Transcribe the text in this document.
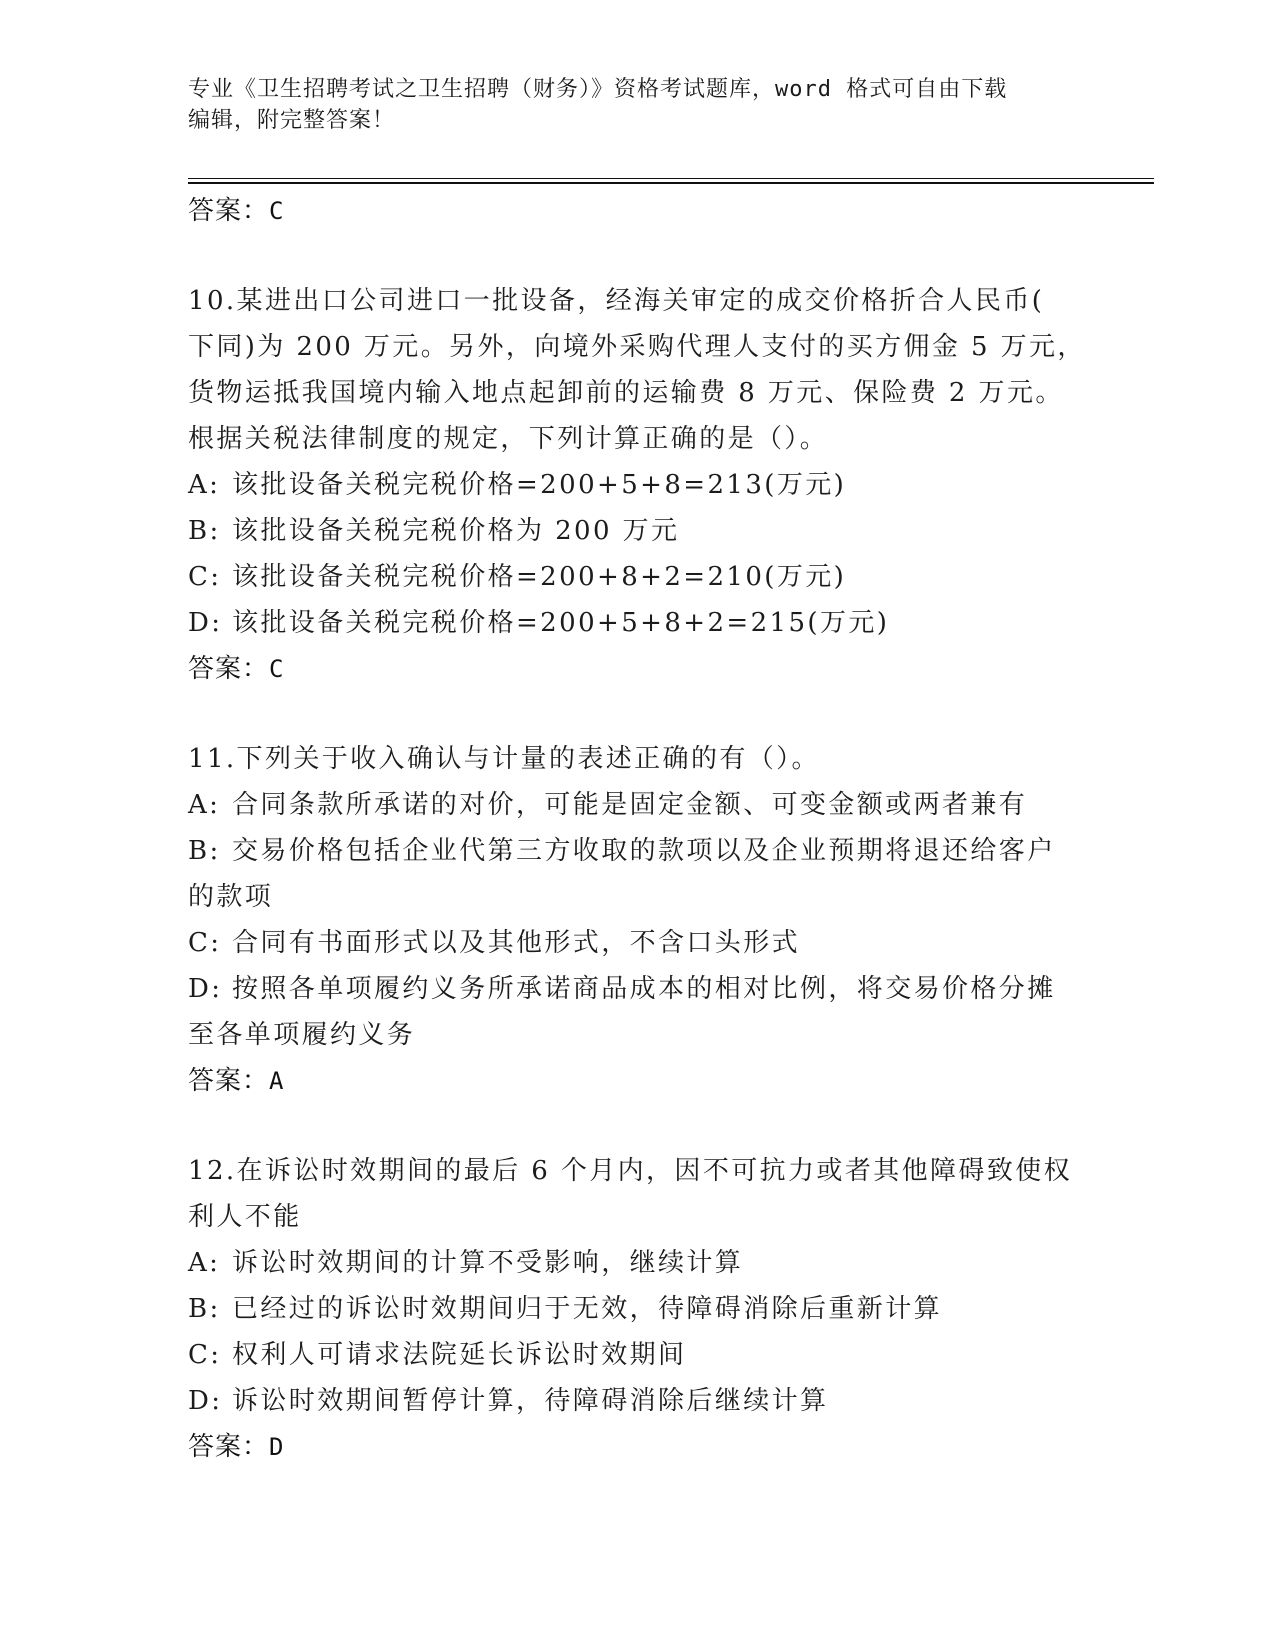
专业《卫生招聘考试之卫生招聘（财务）》资格考试题库，word 格式可自由下载
编辑，附完整答案！
答案：C
10.某进出口公司进口一批设备，经海关审定的成交价格折合人民币(
下同)为 200 万元。另外，向境外采购代理人支付的买方佣金 5 万元，
货物运抵我国境内输入地点起卸前的运输费 8 万元、保险费 2 万元。
根据关税法律制度的规定，下列计算正确的是（）。
A: 该批设备关税完税价格=200+5+8=213(万元)
B: 该批设备关税完税价格为 200 万元
C: 该批设备关税完税价格=200+8+2=210(万元)
D: 该批设备关税完税价格=200+5+8+2=215(万元)
答案：C
11.下列关于收入确认与计量的表述正确的有（）。
A: 合同条款所承诺的对价，可能是固定金额、可变金额或两者兼有
B: 交易价格包括企业代第三方收取的款项以及企业预期将退还给客户
的款项
C: 合同有书面形式以及其他形式，不含口头形式
D: 按照各单项履约义务所承诺商品成本的相对比例，将交易价格分摊
至各单项履约义务
答案：A
12.在诉讼时效期间的最后 6 个月内，因不可抗力或者其他障碍致使权
利人不能
A: 诉讼时效期间的计算不受影响，继续计算
B: 已经过的诉讼时效期间归于无效，待障碍消除后重新计算
C: 权利人可请求法院延长诉讼时效期间
D: 诉讼时效期间暂停计算，待障碍消除后继续计算
答案：D
